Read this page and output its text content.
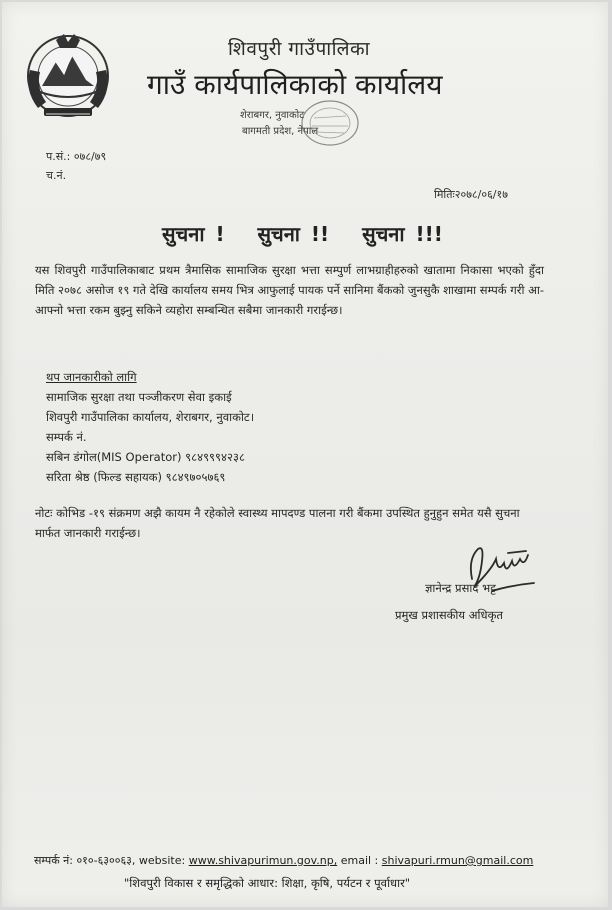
शिवपुरी गाउँपालिका
गाउँ कार्यपालिकाको कार्यालय
शेराबगर, नुवाकोट
बागमती प्रदेश, नेपाल
प.सं.: ०७८/७९
च.नं.
मितिः२०७८/०६/१७
सुचना !   सुचना !!   सुचना !!!
यस शिवपुरी गाउँपालिकाबाट प्रथम त्रैमासिक सामाजिक सुरक्षा भत्ता सम्पुर्ण लाभग्राहीहरुको खातामा निकासा भएको हुँदा मिति २०७८ असोज १९ गते देखि कार्यालय समय भित्र आफुलाई पायक पर्ने सानिमा बैंकको जुनसुकै शाखामा सम्पर्क गरी आ-आफ्नो भत्ता रकम बुझ्नु सकिने व्यहोरा सम्बन्धित सबैमा जानकारी गराईन्छ।
थप जानकारीको लागि
सामाजिक सुरक्षा तथा पञ्जीकरण सेवा इकाई
शिवपुरी गाउँपालिका कार्यालय, शेराबगर, नुवाकोट।
सम्पर्क नं.
सबिन डंगोल(MIS Operator) ९८४९९९४२३८
सरिता श्रेष्ठ (फिल्ड सहायक) ९८४९७०५७६९
नोटः कोभिड -१९ संक्रमण अझै कायम नै रहेकोले स्वास्थ्य मापदण्ड पालना गरी बैंकमा उपस्थित हुनुहुन समेत यसै सुचना मार्फत जानकारी गराईन्छ।
ज्ञानेन्द्र प्रसाद भट्ट
प्रमुख प्रशासकीय अधिकृत
सम्पर्क नं: ०१०-६३००६३, website: www.shivapurimun.gov.np, email : shivapuri.rmun@gmail.com
"शिवपुरी विकास र समृद्धिको आधार: शिक्षा, कृषि, पर्यटन र पूर्वाधार"
